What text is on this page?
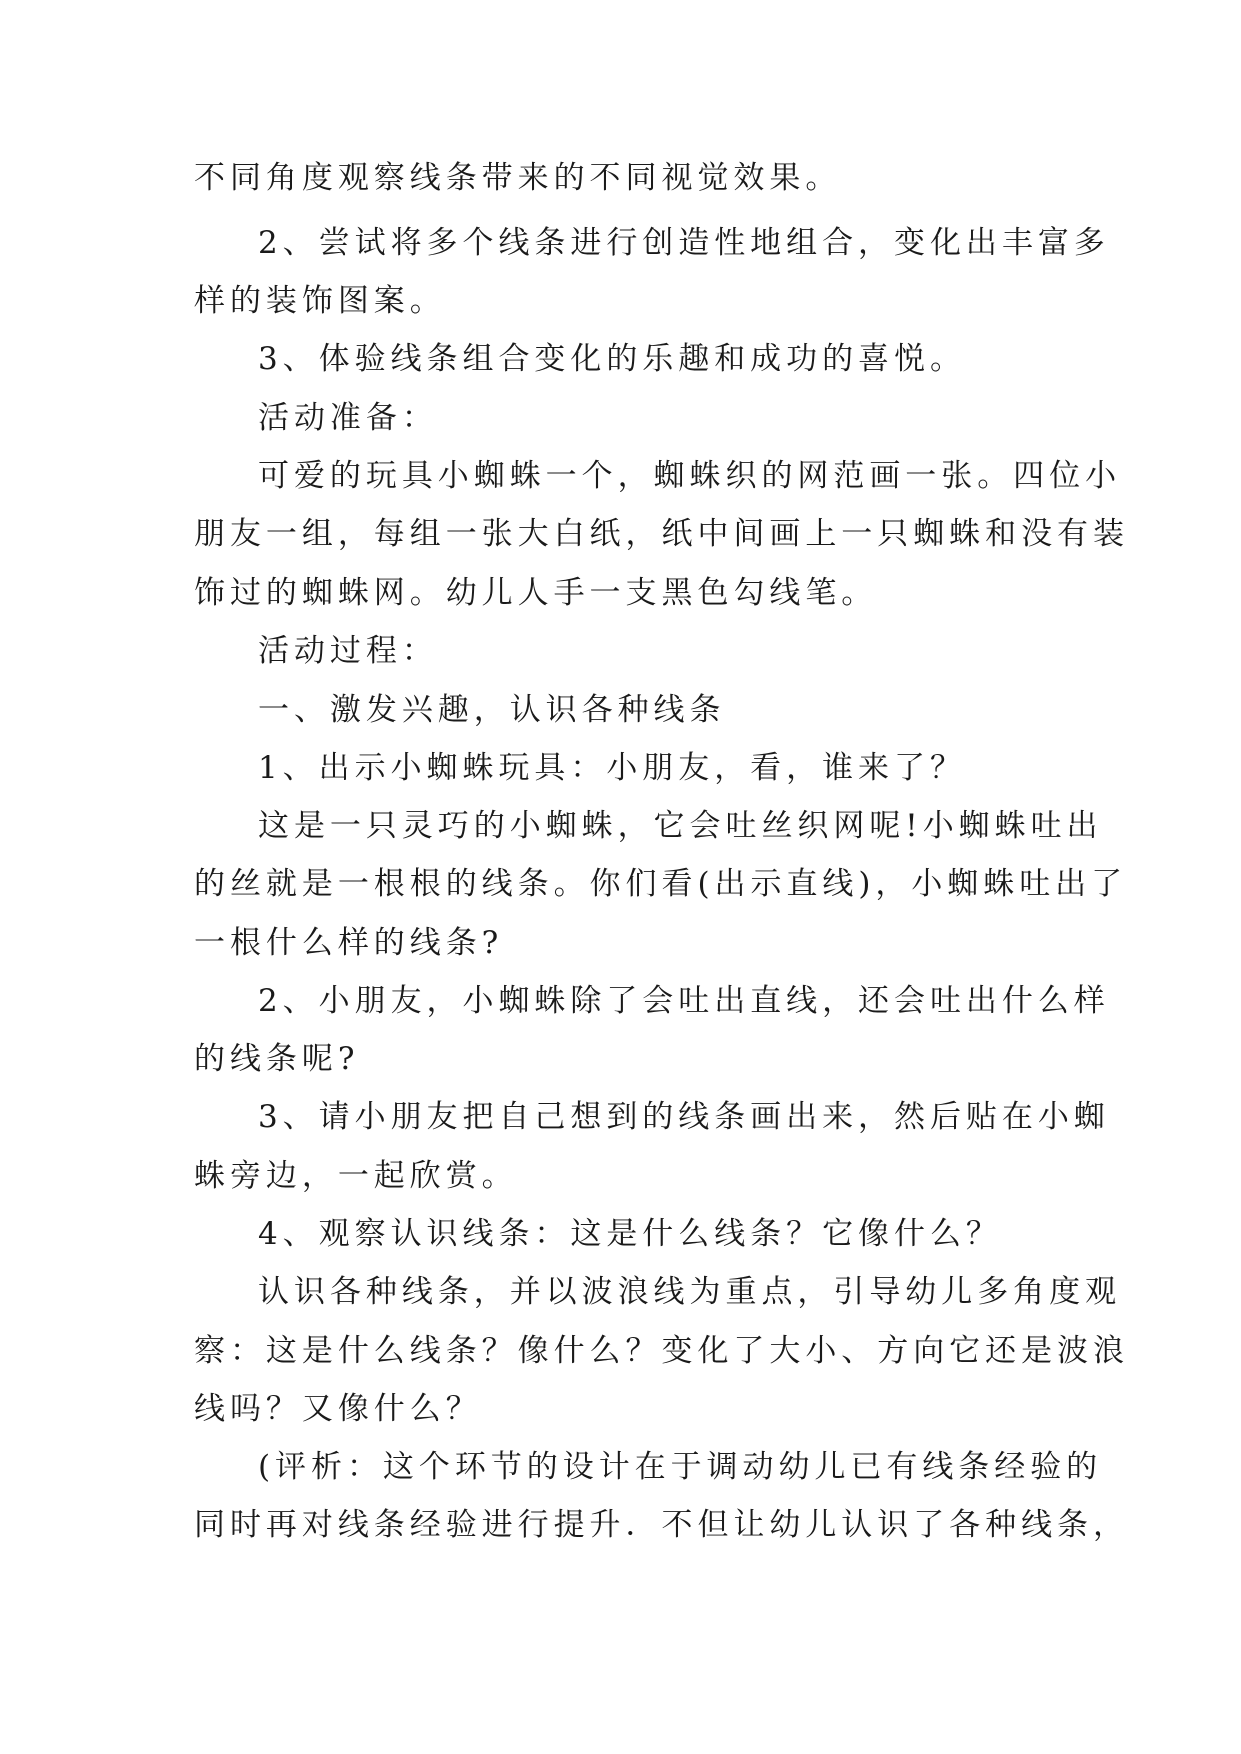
不同角度观察线条带来的不同视觉效果。
2、尝试将多个线条进行创造性地组合，变化出丰富多
样的装饰图案。
3、体验线条组合变化的乐趣和成功的喜悦。
活动准备：
可爱的玩具小蜘蛛一个，蜘蛛织的网范画一张。四位小
朋友一组，每组一张大白纸，纸中间画上一只蜘蛛和没有装
饰过的蜘蛛网。幼儿人手一支黑色勾线笔。
活动过程：
一、激发兴趣，认识各种线条
1、出示小蜘蛛玩具：小朋友，看，谁来了？
这是一只灵巧的小蜘蛛，它会吐丝织网呢!小蜘蛛吐出
的丝就是一根根的线条。你们看(出示直线)，小蜘蛛吐出了
一根什么样的线条?
2、小朋友，小蜘蛛除了会吐出直线，还会吐出什么样
的线条呢?
3、请小朋友把自己想到的线条画出来，然后贴在小蜘
蛛旁边，一起欣赏。
4、观察认识线条：这是什么线条？它像什么？
认识各种线条，并以波浪线为重点，引导幼儿多角度观
察：这是什么线条？像什么？变化了大小、方向它还是波浪
线吗？又像什么？
(评析：这个环节的设计在于调动幼儿已有线条经验的
同时再对线条经验进行提升．不但让幼儿认识了各种线条，
